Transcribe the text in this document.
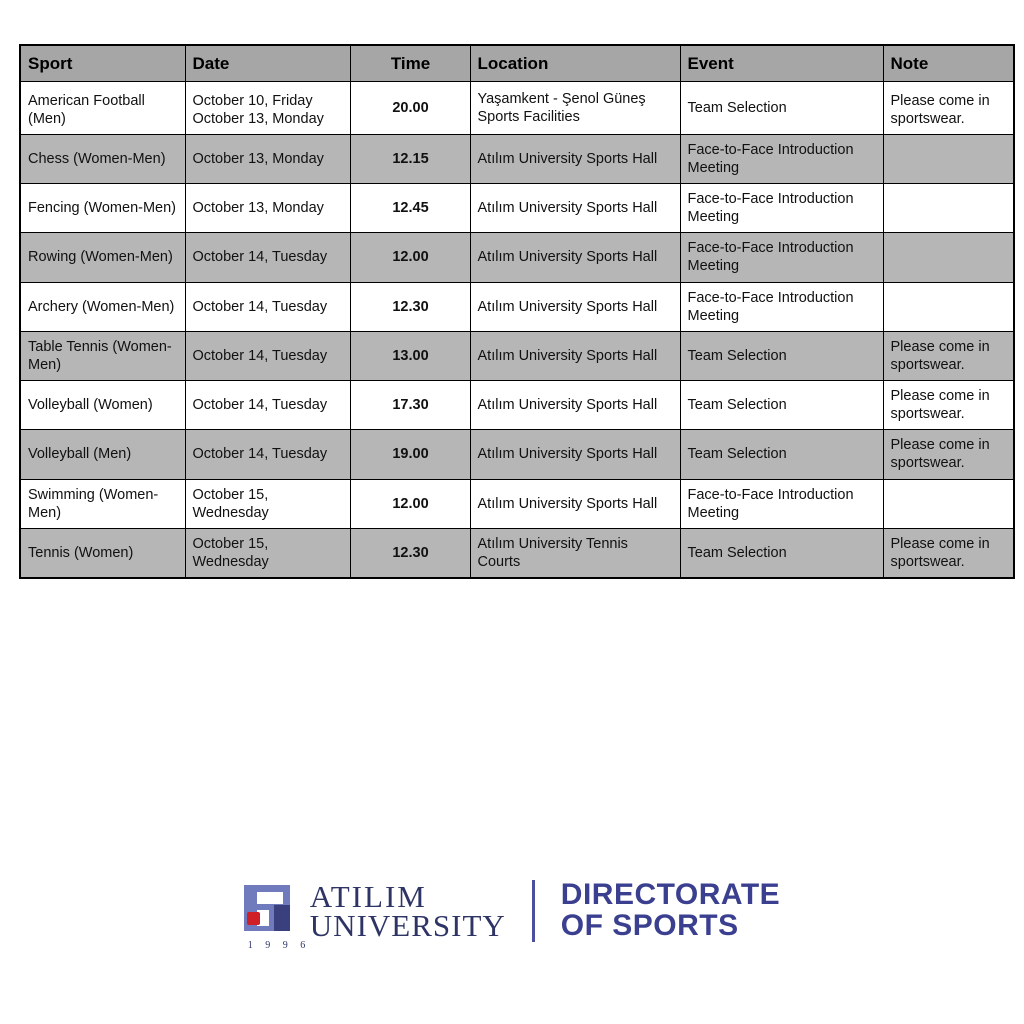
Sport	Date	Time	Location	Event	Note
American Football (Men)	October 10, Friday October 13, Monday	20.00	Yaşamkent - Şenol Güneş Sports Facilities	Team Selection	Please come in sportswear.
Chess (Women-Men)	October 13, Monday	12.15	Atılım University Sports Hall	Face-to-Face Introduction Meeting	
Fencing (Women-Men)	October 13, Monday	12.45	Atılım University Sports Hall	Face-to-Face Introduction Meeting	
Rowing (Women-Men)	October 14, Tuesday	12.00	Atılım University Sports Hall	Face-to-Face Introduction Meeting	
Archery (Women-Men)	October 14, Tuesday	12.30	Atılım University Sports Hall	Face-to-Face Introduction Meeting	
Table Tennis (Women-Men)	October 14, Tuesday	13.00	Atılım University Sports Hall	Team Selection	Please come in sportswear.
Volleyball (Women)	October 14, Tuesday	17.30	Atılım University Sports Hall	Team Selection	Please come in sportswear.
Volleyball (Men)	October 14, Tuesday	19.00	Atılım University Sports Hall	Team Selection	Please come in sportswear.
Swimming (Women-Men)	October 15, Wednesday	12.00	Atılım University Sports Hall	Face-to-Face Introduction Meeting	
Tennis (Women)	October 15, Wednesday	12.30	Atılım University Tennis Courts	Team Selection	Please come in sportswear.
ATILIM
UNIVERSITY
1 9 9 6
DIRECTORATE
OF SPORTS
